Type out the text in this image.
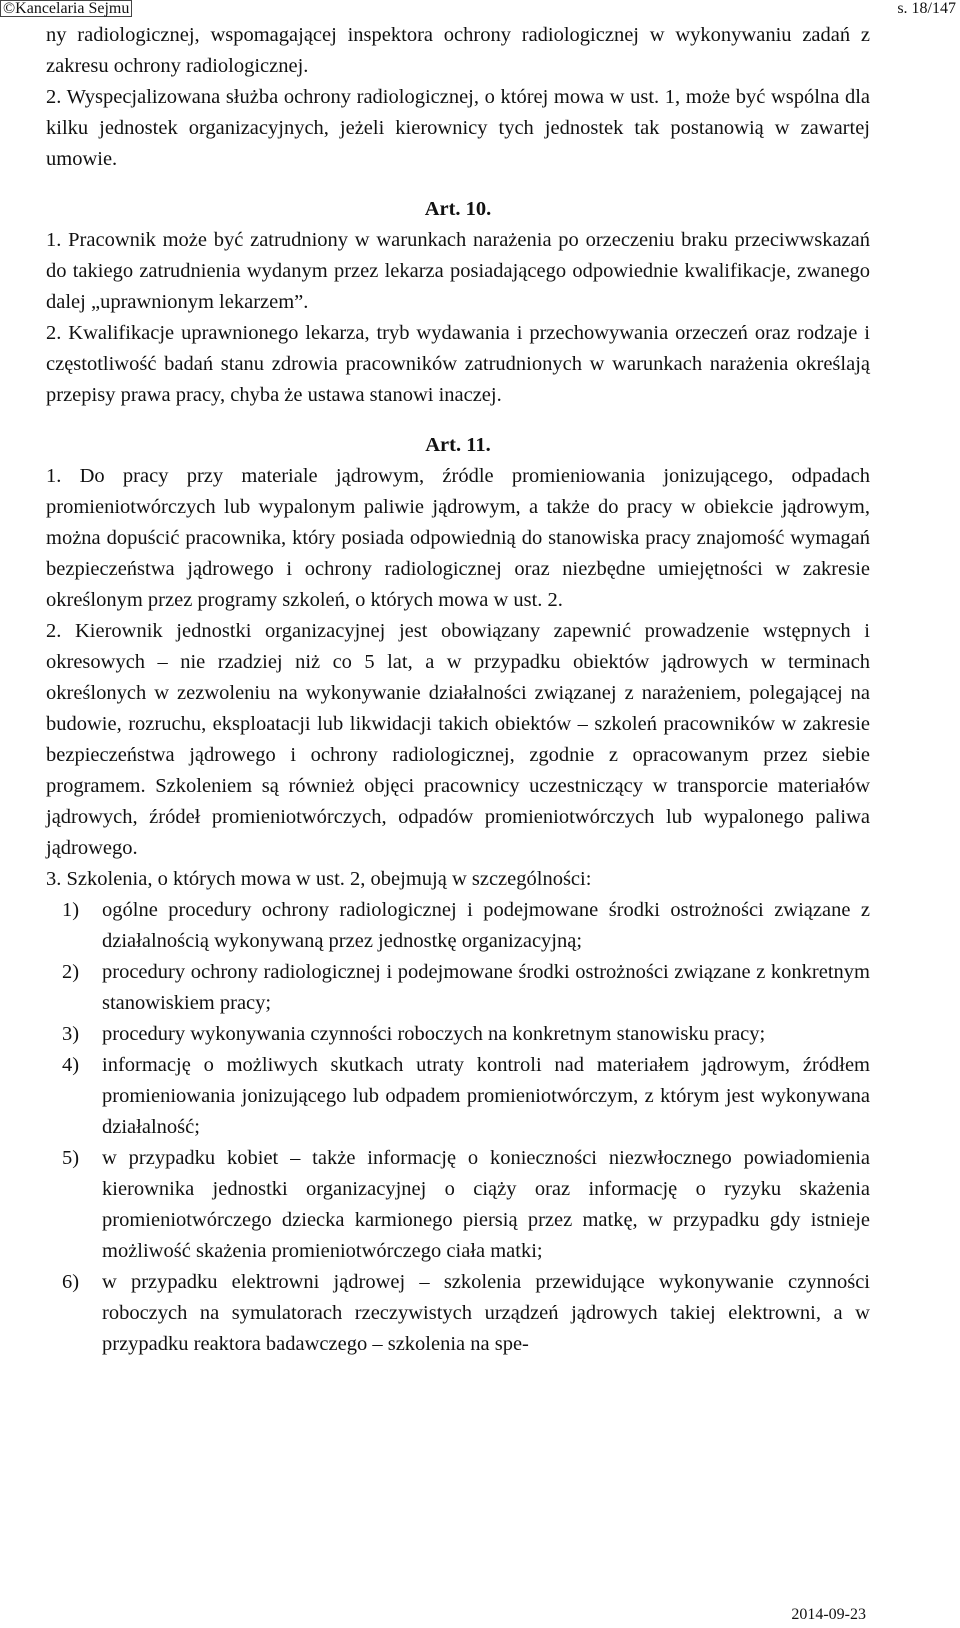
©Kancelaria Sejmu	s. 18/147

ny radiologicznej, wspomagającej inspektora ochrony radiologicznej w wykonywaniu zadań z zakresu ochrony radiologicznej.

2. Wyspecjalizowana służba ochrony radiologicznej, o której mowa w ust. 1, może być wspólna dla kilku jednostek organizacyjnych, jeżeli kierownicy tych jednostek tak postanowią w zawartej umowie.

Art. 10.

1. Pracownik może być zatrudniony w warunkach narażenia po orzeczeniu braku przeciwwskazań do takiego zatrudnienia wydanym przez lekarza posiadającego odpowiednie kwalifikacje, zwanego dalej „uprawnionym lekarzem”.

2. Kwalifikacje uprawnionego lekarza, tryb wydawania i przechowywania orzeczeń oraz rodzaje i częstotliwość badań stanu zdrowia pracowników zatrudnionych w warunkach narażenia określają przepisy prawa pracy, chyba że ustawa stanowi inaczej.

Art. 11.

1. Do pracy przy materiale jądrowym, źródle promieniowania jonizującego, odpadach promieniotwórczych lub wypalonym paliwie jądrowym, a także do pracy w obiekcie jądrowym, można dopuścić pracownika, który posiada odpowiednią do stanowiska pracy znajomość wymagań bezpieczeństwa jądrowego i ochrony radiologicznej oraz niezbędne umiejętności w zakresie określonym przez programy szkoleń, o których mowa w ust. 2.

2. Kierownik jednostki organizacyjnej jest obowiązany zapewnić prowadzenie wstępnych i okresowych – nie rzadziej niż co 5 lat, a w przypadku obiektów jądrowych w terminach określonych w zezwoleniu na wykonywanie działalności związanej z narażeniem, polegającej na budowie, rozruchu, eksploatacji lub likwidacji takich obiektów – szkoleń pracowników w zakresie bezpieczeństwa jądrowego i ochrony radiologicznej, zgodnie z opracowanym przez siebie programem. Szkoleniem są również objęci pracownicy uczestniczący w transporcie materiałów jądrowych, źródeł promieniotwórczych, odpadów promieniotwórczych lub wypalonego paliwa jądrowego.

3. Szkolenia, o których mowa w ust. 2, obejmują w szczególności:

1)	ogólne procedury ochrony radiologicznej i podejmowane środki ostrożności związane z działalnością wykonywaną przez jednostkę organizacyjną;
2)	procedury ochrony radiologicznej i podejmowane środki ostrożności związane z konkretnym stanowiskiem pracy;
3)	procedury wykonywania czynności roboczych na konkretnym stanowisku pracy;
4)	informację o możliwych skutkach utraty kontroli nad materiałem jądrowym, źródłem promieniowania jonizującego lub odpadem promieniotwórczym, z którym jest wykonywana działalność;
5)	w przypadku kobiet – także informację o konieczności niezwłocznego powiadomienia kierownika jednostki organizacyjnej o ciąży oraz informację o ryzyku skażenia promieniotwórczego dziecka karmionego piersią przez matkę, w przypadku gdy istnieje możliwość skażenia promieniotwórczego ciała matki;
6)	w przypadku elektrowni jądrowej – szkolenia przewidujące wykonywanie czynności roboczych na symulatorach rzeczywistych urządzeń jądrowych takiej elektrowni, a w przypadku reaktora badawczego – szkolenia na spe-
2014-09-23
